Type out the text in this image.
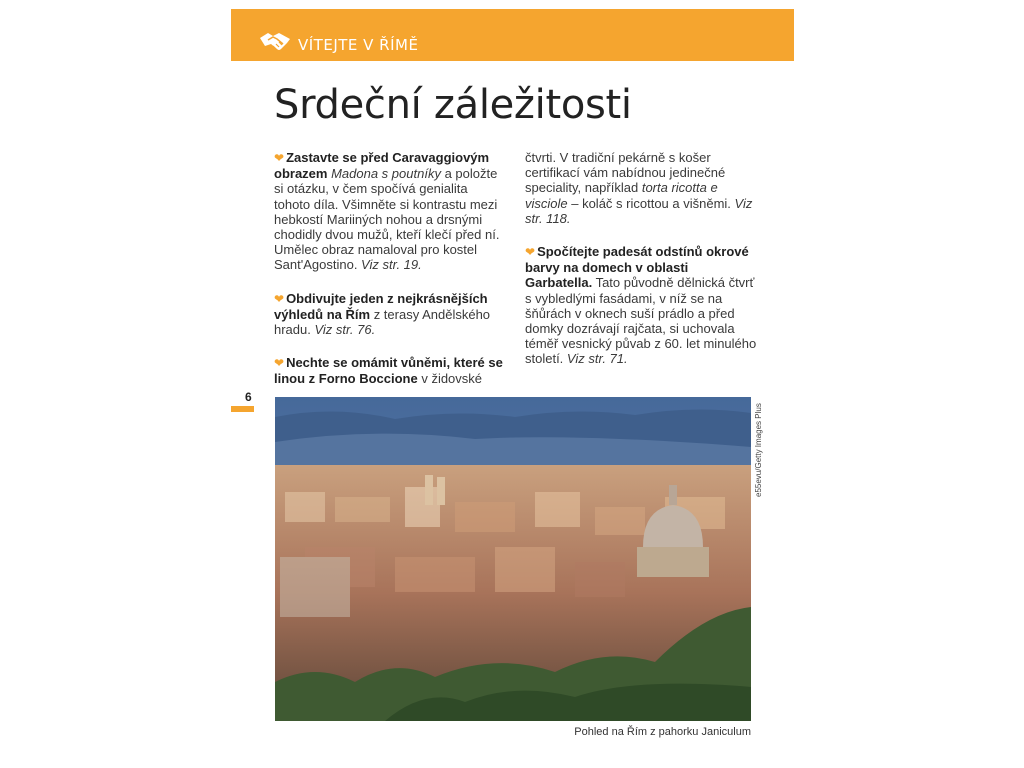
VÍTEJTE V ŘÍMĚ
Srdeční záležitosti

❤ Zastavte se před Caravaggiovým obrazem Madona s poutníky a položte si otázku, v čem spočívá genialita tohoto díla. Všimněte si kontrastu mezi hebkostí Mariiných nohou a drsnými chodidly dvou mužů, kteří klečí před ní. Umělec obraz namaloval pro kostel Sant'Agostino. Viz str. 19.

❤ Obdivujte jeden z nejkrásnějších výhledů na Řím z terasy Andělského hradu. Viz str. 76.

❤ Nechte se omámit vůněmi, které se linou z Forno Boccione v židovské

čtvrti. V tradiční pekárně s košer certifikací vám nabídnou jedinečné speciality, například torta ricotta e visciole – koláč s ricottou a višněmi. Viz str. 118.

❤ Spočítejte padesát odstínů okrové barvy na domech v oblasti Garbatella. Tato původně dělnická čtvrť s vybledlými fasádami, v níž se na šňůrách v oknech suší prádlo a před domky dozrávají rajčata, si uchovala téměř vesnický půvab z 60. let minulého století. Viz str. 71.

6
e55evu/Getty Images Plus
Pohled na Řím z pahorku Janiculum
